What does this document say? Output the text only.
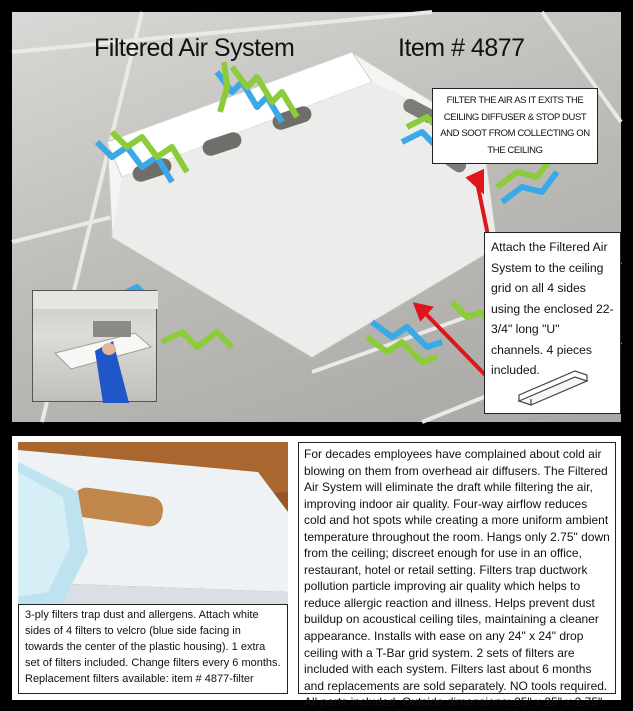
Filtered Air System	Item # 4877
FILTER THE AIR AS IT EXITS THE CEILING DIFFUSER & STOP DUST AND SOOT FROM COLLECTING ON THE CEILING
Attach the Filtered Air System to the ceiling grid on all 4 sides using the enclosed 22-3/4" long "U" channels. 4 pieces included.
3-ply filters trap dust and allergens. Attach white sides of 4 filters to velcro (blue side facing in towards the center of the plastic housing). 1 extra set of filters included. Change filters every 6 months. Replacement filters available: item # 4877-filter
For decades employees have complained about cold air blowing on them from overhead air diffusers. The Filtered Air System will eliminate the draft while filtering the air, improving indoor air quality. Four-way airflow reduces cold and hot spots while creating a more uniform ambient temperature throughout the room. Hangs only 2.75" down from the ceiling; discreet enough for use in an office, restaurant, hotel or retail setting. Filters trap ductwork pollution particle improving air quality which helps to reduce allergic reaction and illness. Helps prevent dust buildup on acoustical ceiling tiles, maintaining a cleaner appearance. Installs with ease on any 24" x 24" drop ceiling with a T-Bar grid system. 2 sets of filters are included with each system. Filters last about 6 months and replacements are sold separately. NO tools required. All parts included. Outside dimensions: 25" x 25" x 2.75"
